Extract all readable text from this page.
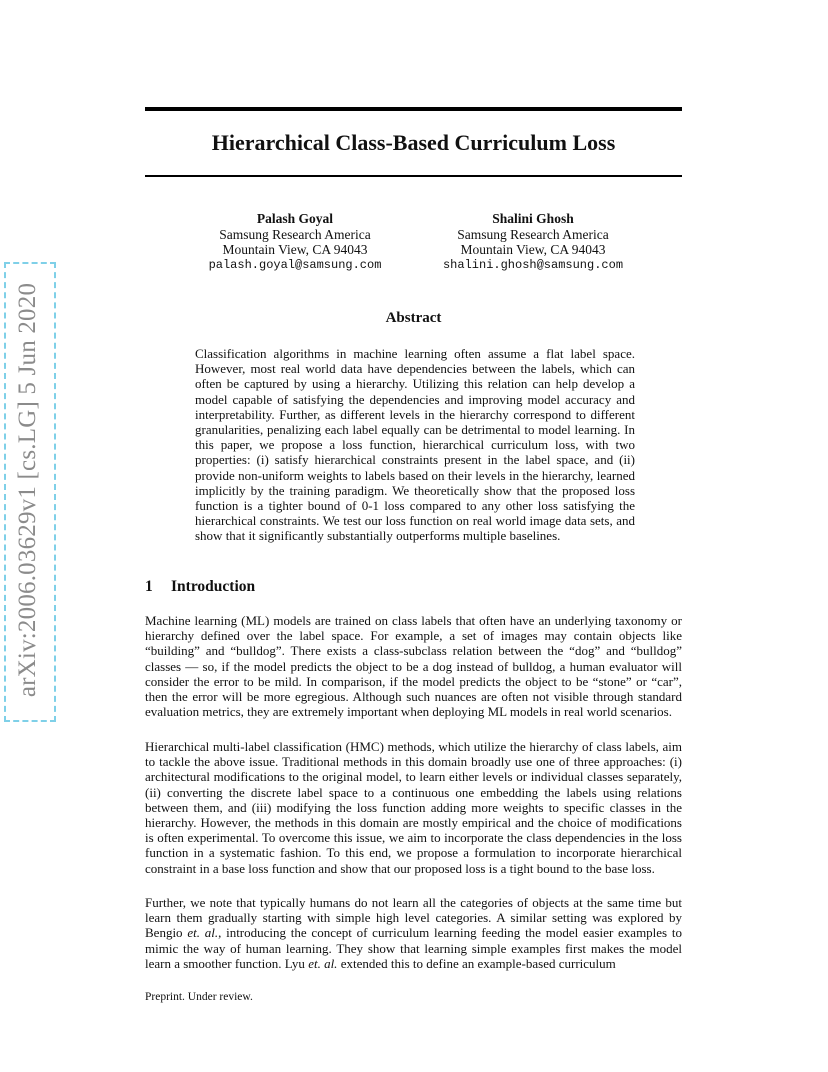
arXiv:2006.03629v1 [cs.LG] 5 Jun 2020
Hierarchical Class-Based Curriculum Loss
Palash Goyal
Samsung Research America
Mountain View, CA 94043
palash.goyal@samsung.com
Shalini Ghosh
Samsung Research America
Mountain View, CA 94043
shalini.ghosh@samsung.com
Abstract

Classification algorithms in machine learning often assume a flat label space. However, most real world data have dependencies between the labels, which can often be captured by using a hierarchy. Utilizing this relation can help develop a model capable of satisfying the dependencies and improving model accuracy and interpretability. Further, as different levels in the hierarchy correspond to different granularities, penalizing each label equally can be detrimental to model learning. In this paper, we propose a loss function, hierarchical curriculum loss, with two properties: (i) satisfy hierarchical constraints present in the label space, and (ii) provide non-uniform weights to labels based on their levels in the hierarchy, learned implicitly by the training paradigm. We theoretically show that the proposed loss function is a tighter bound of 0-1 loss compared to any other loss satisfying the hierarchical constraints. We test our loss function on real world image data sets, and show that it significantly substantially outperforms multiple baselines.

1 Introduction

Machine learning (ML) models are trained on class labels that often have an underlying taxonomy or hierarchy defined over the label space. For example, a set of images may contain objects like “building” and “bulldog”. There exists a class-subclass relation between the “dog” and “bulldog” classes — so, if the model predicts the object to be a dog instead of bulldog, a human evaluator will consider the error to be mild. In comparison, if the model predicts the object to be “stone” or “car”, then the error will be more egregious. Although such nuances are often not visible through standard evaluation metrics, they are extremely important when deploying ML models in real world scenarios.

Hierarchical multi-label classification (HMC) methods, which utilize the hierarchy of class labels, aim to tackle the above issue. Traditional methods in this domain broadly use one of three approaches: (i) architectural modifications to the original model, to learn either levels or individual classes separately, (ii) converting the discrete label space to a continuous one embedding the labels using relations between them, and (iii) modifying the loss function adding more weights to specific classes in the hierarchy. However, the methods in this domain are mostly empirical and the choice of modifications is often experimental. To overcome this issue, we aim to incorporate the class dependencies in the loss function in a systematic fashion. To this end, we propose a formulation to incorporate hierarchical constraint in a base loss function and show that our proposed loss is a tight bound to the base loss.

Further, we note that typically humans do not learn all the categories of objects at the same time but learn them gradually starting with simple high level categories. A similar setting was explored by Bengio et. al., introducing the concept of curriculum learning feeding the model easier examples to mimic the way of human learning. They show that learning simple examples first makes the model learn a smoother function. Lyu et. al. extended this to define an example-based curriculum

Preprint. Under review.
